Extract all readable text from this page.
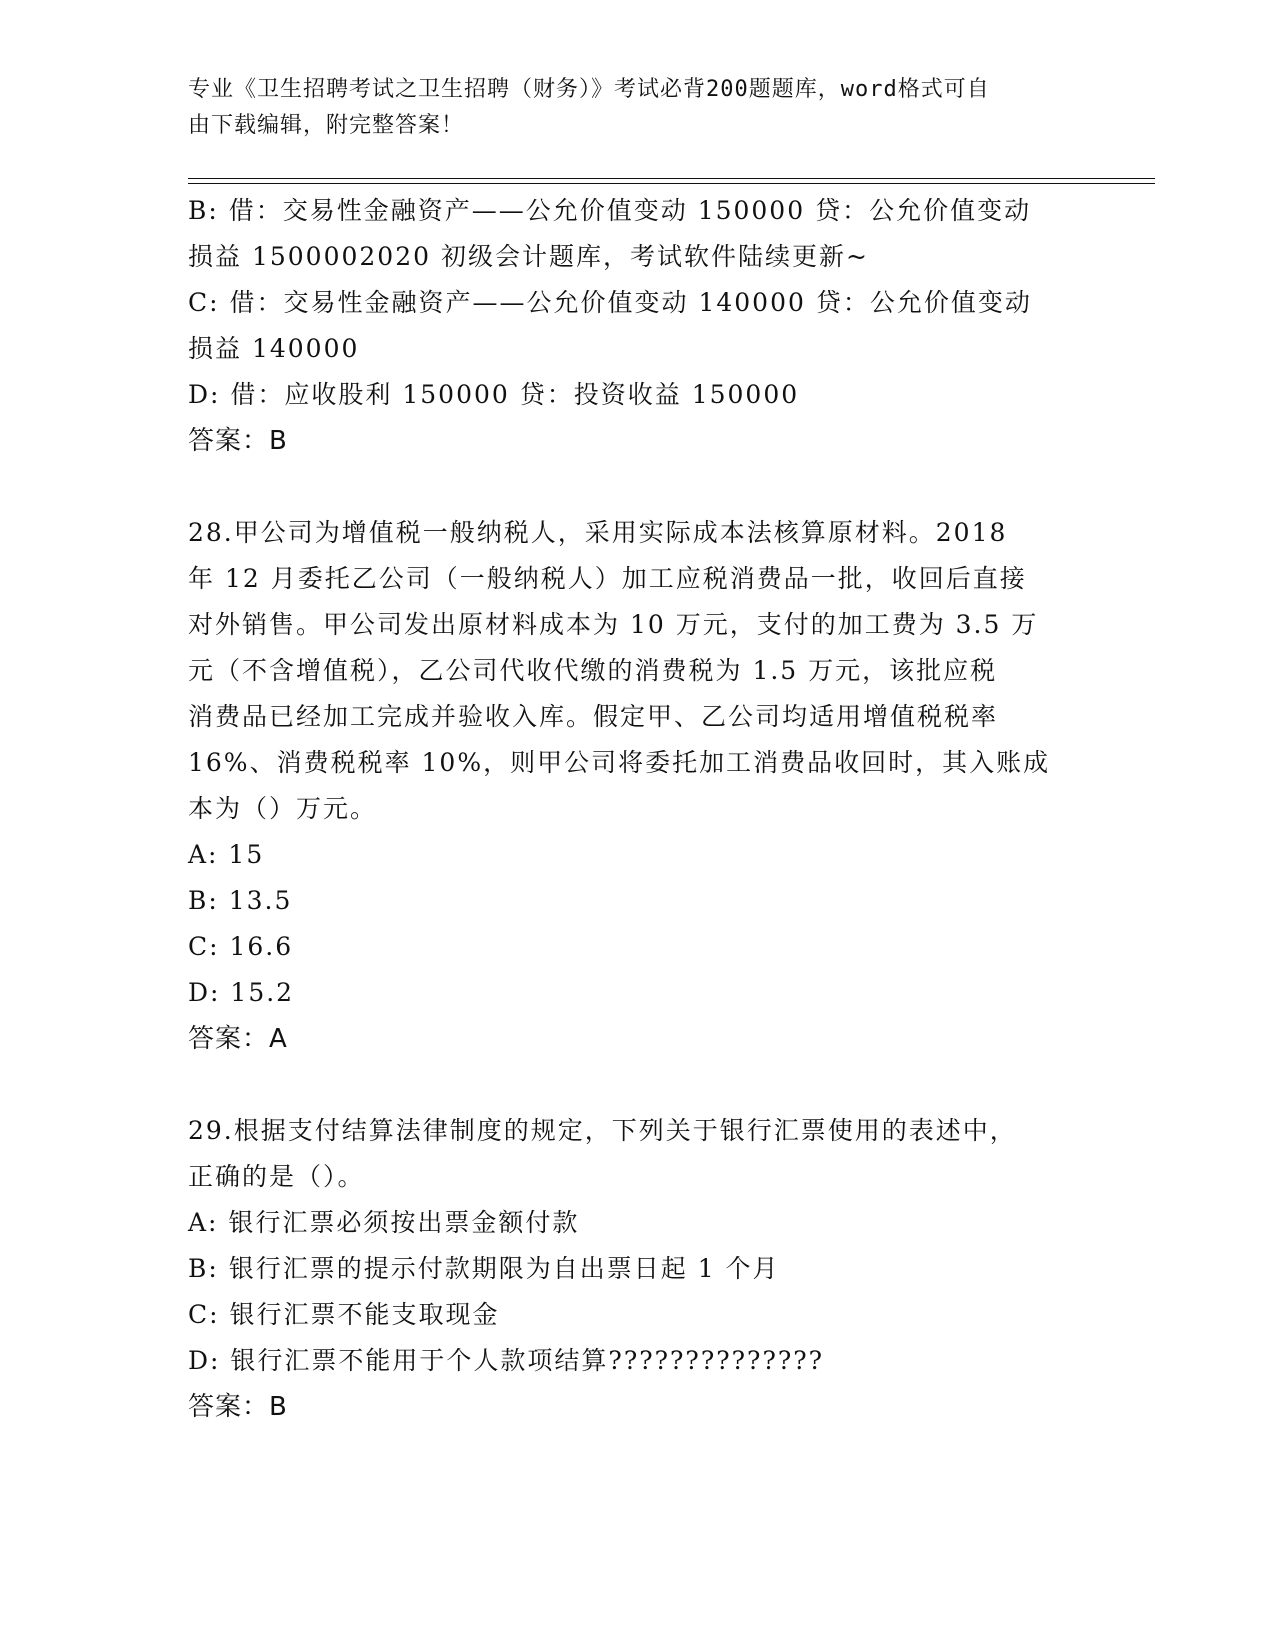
专业《卫生招聘考试之卫生招聘（财务）》考试必背200题题库，word格式可自
由下载编辑，附完整答案！
B: 借：交易性金融资产——公允价值变动 150000 贷：公允价值变动
损益 1500002020 初级会计题库，考试软件陆续更新~
C: 借：交易性金融资产——公允价值变动 140000 贷：公允价值变动
损益 140000
D: 借：应收股利 150000 贷：投资收益 150000
答案：B
28.甲公司为增值税一般纳税人，采用实际成本法核算原材料。2018
年 12 月委托乙公司（一般纳税人）加工应税消费品一批，收回后直接
对外销售。甲公司发出原材料成本为 10 万元，支付的加工费为 3.5 万
元（不含增值税），乙公司代收代缴的消费税为 1.5 万元，该批应税
消费品已经加工完成并验收入库。假定甲、乙公司均适用增值税税率
16%、消费税税率 10%，则甲公司将委托加工消费品收回时，其入账成
本为（）万元。
A: 15
B: 13.5
C: 16.6
D: 15.2
答案：A
29.根据支付结算法律制度的规定，下列关于银行汇票使用的表述中，
正确的是（）。
A: 银行汇票必须按出票金额付款
B: 银行汇票的提示付款期限为自出票日起 1 个月
C: 银行汇票不能支取现金
D: 银行汇票不能用于个人款项结算??????????????
答案：B
